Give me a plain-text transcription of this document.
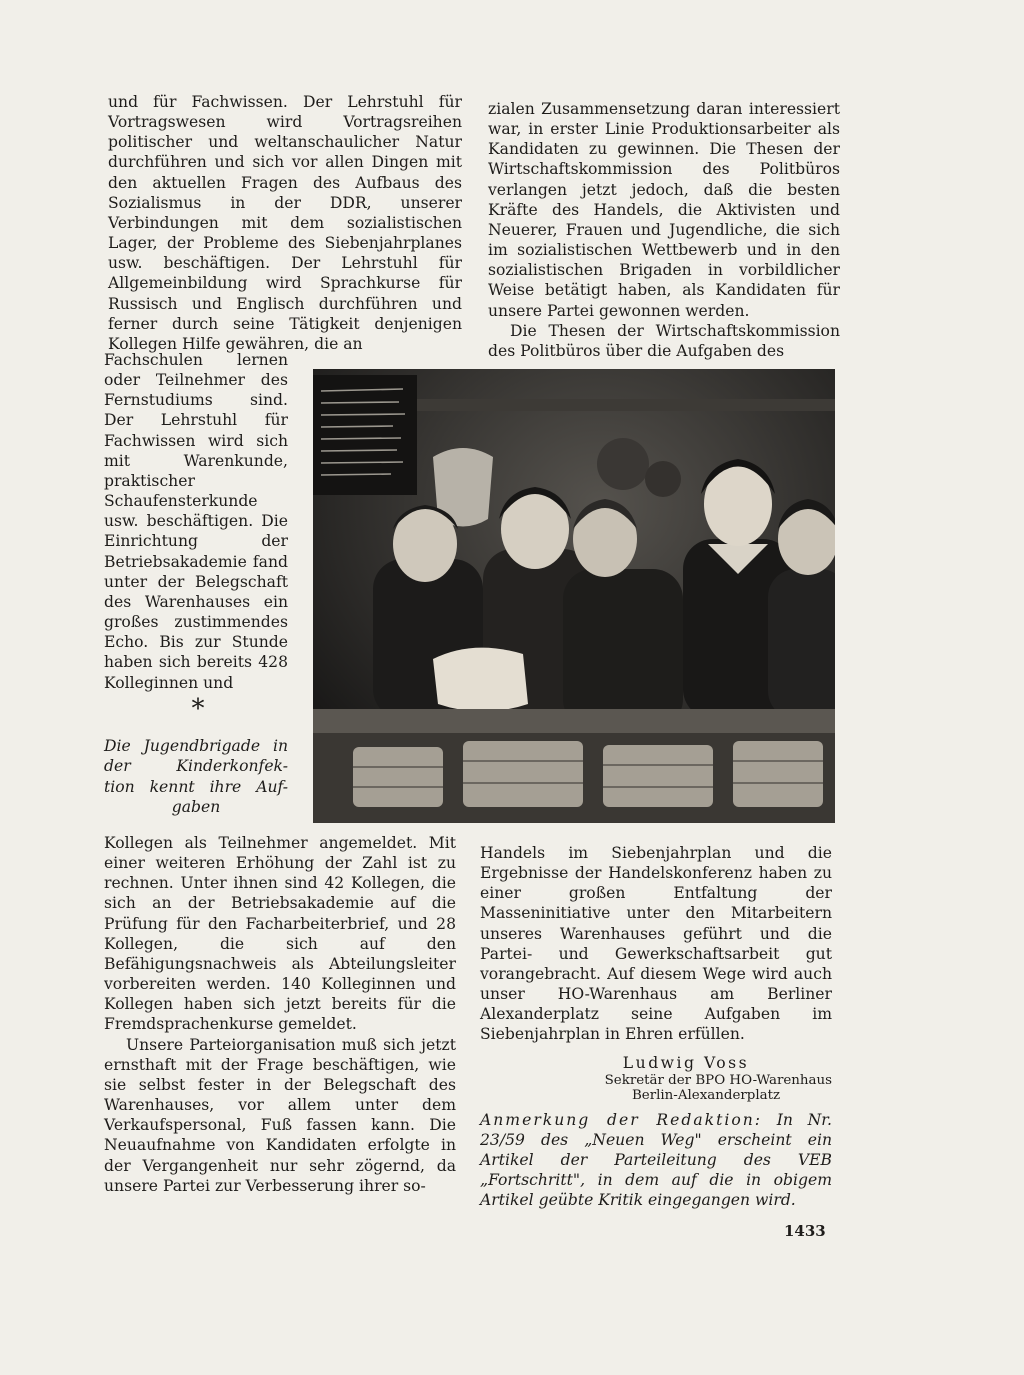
und für Fachwissen. Der Lehrstuhl für Vortragswesen wird Vortragsreihen politischer und weltanschaulicher Natur durchführen und sich vor allen Dingen mit den aktuellen Fragen des Aufbaus des Sozialismus in der DDR, unserer Verbindungen mit dem sozialistischen Lager, der Probleme des Siebenjahrplanes usw. beschäftigen. Der Lehrstuhl für Allgemeinbildung wird Sprachkurse für Russisch und Englisch durchführen und ferner durch seine Tätigkeit denjenigen Kollegen Hilfe gewähren, die an

zialen Zusammensetzung daran interessiert war, in erster Linie Produktionsarbeiter als Kandidaten zu gewinnen. Die Thesen der Wirtschaftskommission des Politbüros verlangen jetzt jedoch, daß die besten Kräfte des Handels, die Aktivisten und Neuerer, Frauen und Jugendliche, die sich im sozialistischen Wettbewerb und in den sozialistischen Brigaden in vorbildlicher Weise betätigt haben, als Kandidaten für unsere Partei gewonnen werden.

Die Thesen der Wirtschaftskommission des Politbüros über die Aufgaben des

Fachschulen lernen oder Teilnehmer des Fernstudiums sind. Der Lehrstuhl für Fachwissen wird sich mit Warenkunde, praktischer Schaufensterkunde usw. beschäftigen. Die Einrichtung der Betriebsakademie fand unter der Belegschaft des Warenhauses ein großes zustimmendes Echo. Bis zur Stunde haben sich bereits 428 Kolleginnen und

*
Die Jugendbrigade in
der Kinderkonfek-
tion kennt ihre Auf-
gaben

Kollegen als Teilnehmer angemeldet. Mit einer weiteren Erhöhung der Zahl ist zu rechnen. Unter ihnen sind 42 Kollegen, die sich an der Betriebsakademie auf die Prüfung für den Facharbeiterbrief, und 28 Kollegen, die sich auf den Befähigungsnachweis als Abteilungsleiter vorbereiten werden. 140 Kolleginnen und Kollegen haben sich jetzt bereits für die Fremdsprachenkurse gemeldet.

Unsere Parteiorganisation muß sich jetzt ernsthaft mit der Frage beschäftigen, wie sie selbst fester in der Belegschaft des Warenhauses, vor allem unter dem Verkaufspersonal, Fuß fassen kann. Die Neuaufnahme von Kandidaten erfolgte in der Vergangenheit nur sehr zögernd, da unsere Partei zur Verbesserung ihrer so-

Handels im Siebenjahrplan und die Ergebnisse der Handelskonferenz haben zu einer großen Entfaltung der Masseninitiative unter den Mitarbeitern unseres Warenhauses geführt und die Partei- und Gewerkschaftsarbeit gut vorangebracht. Auf diesem Wege wird auch unser HO-Warenhaus am Berliner Alexanderplatz seine Aufgaben im Siebenjahrplan in Ehren erfüllen.

Ludwig Voss
Sekretär der BPO HO-Warenhaus
Berlin-Alexanderplatz

Anmerkung der Redaktion: In Nr. 23/59 des „Neuen Weg" erscheint ein Artikel der Parteileitung des VEB „Fortschritt", in dem auf die in obigem Artikel geübte Kritik eingegangen wird.

1433
